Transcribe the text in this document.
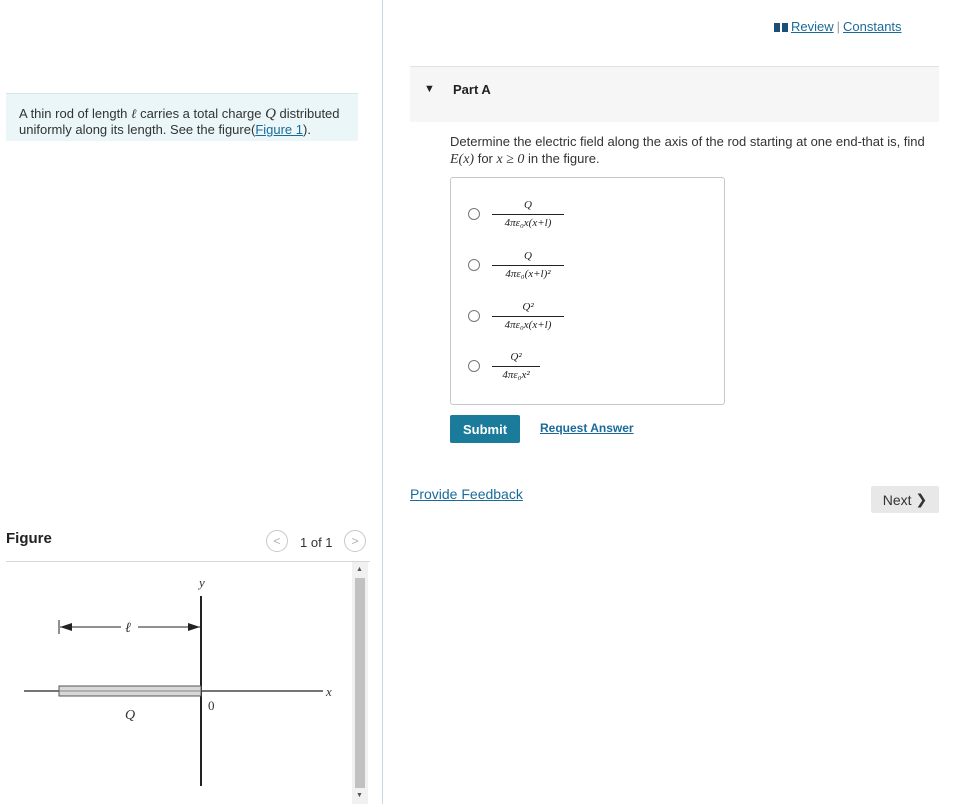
A thin rod of length ℓ carries a total charge Q distributed uniformly along its length. See the figure(Figure 1).
Figure	< 1 of 1 >
y
x
ℓ
Q
0
▲
▼
Review | Constants
▼ Part A
Determine the electric field along the axis of the rod starting at one end-that is, find E(x) for x ≥ 0 in the figure.
Q
4πε₀x(x+l)
Q
4πε₀(x+l)²
Q²
4πε₀x(x+l)
Q²
4πε₀x²
Submit	Request Answer
Provide Feedback	Next ❯
